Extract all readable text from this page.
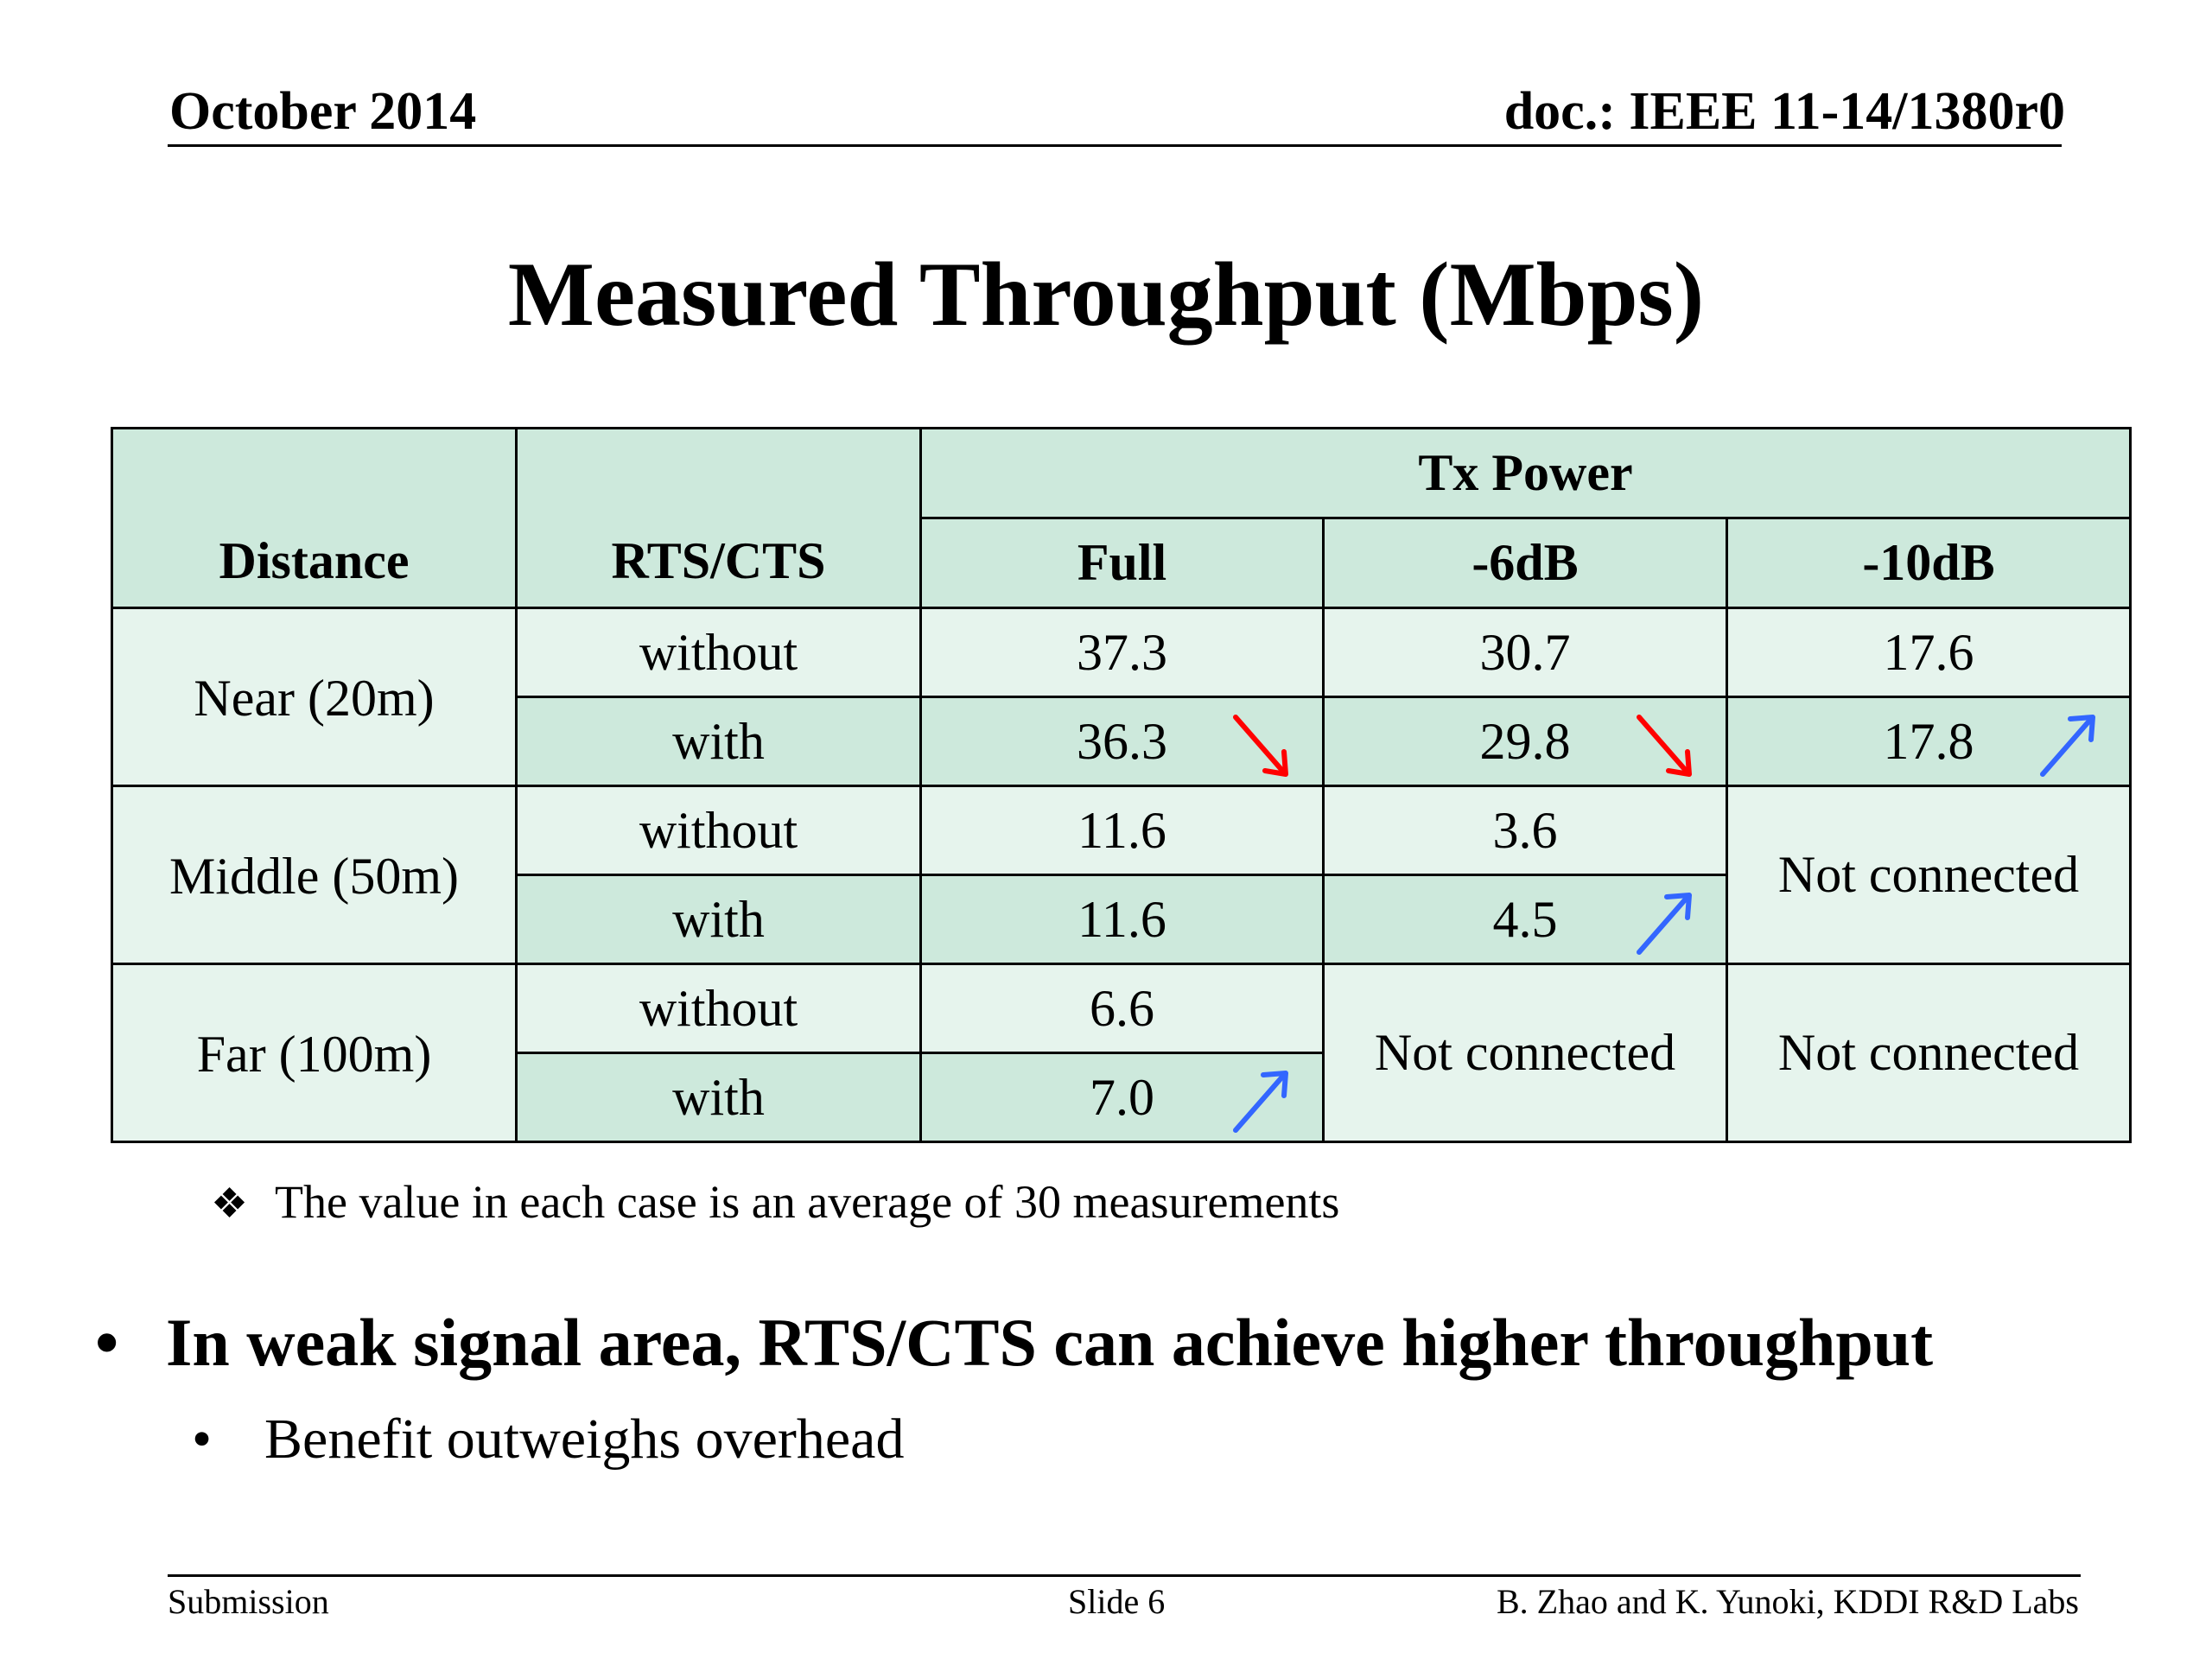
October 2014	doc.: IEEE 11-14/1380r0
Measured Throughput (Mbps)
Distance	RTS/CTS	Tx Power		
		Full	-6dB	-10dB
Near (20m)	without	37.3	30.7	17.6
	with	36.3	29.8	17.8

Middle (50m)	without	11.6	3.6	Not connected
	with	11.6	4.5	

Far (100m)	without	6.6	Not connected	Not connected
	with	7.0		
❖ The value in each case is an average of 30 measurements
• In weak signal area, RTS/CTS can achieve higher throughput
• Benefit outweighs overhead
Submission	Slide 6	B. Zhao and K. Yunoki, KDDI R&D Labs
